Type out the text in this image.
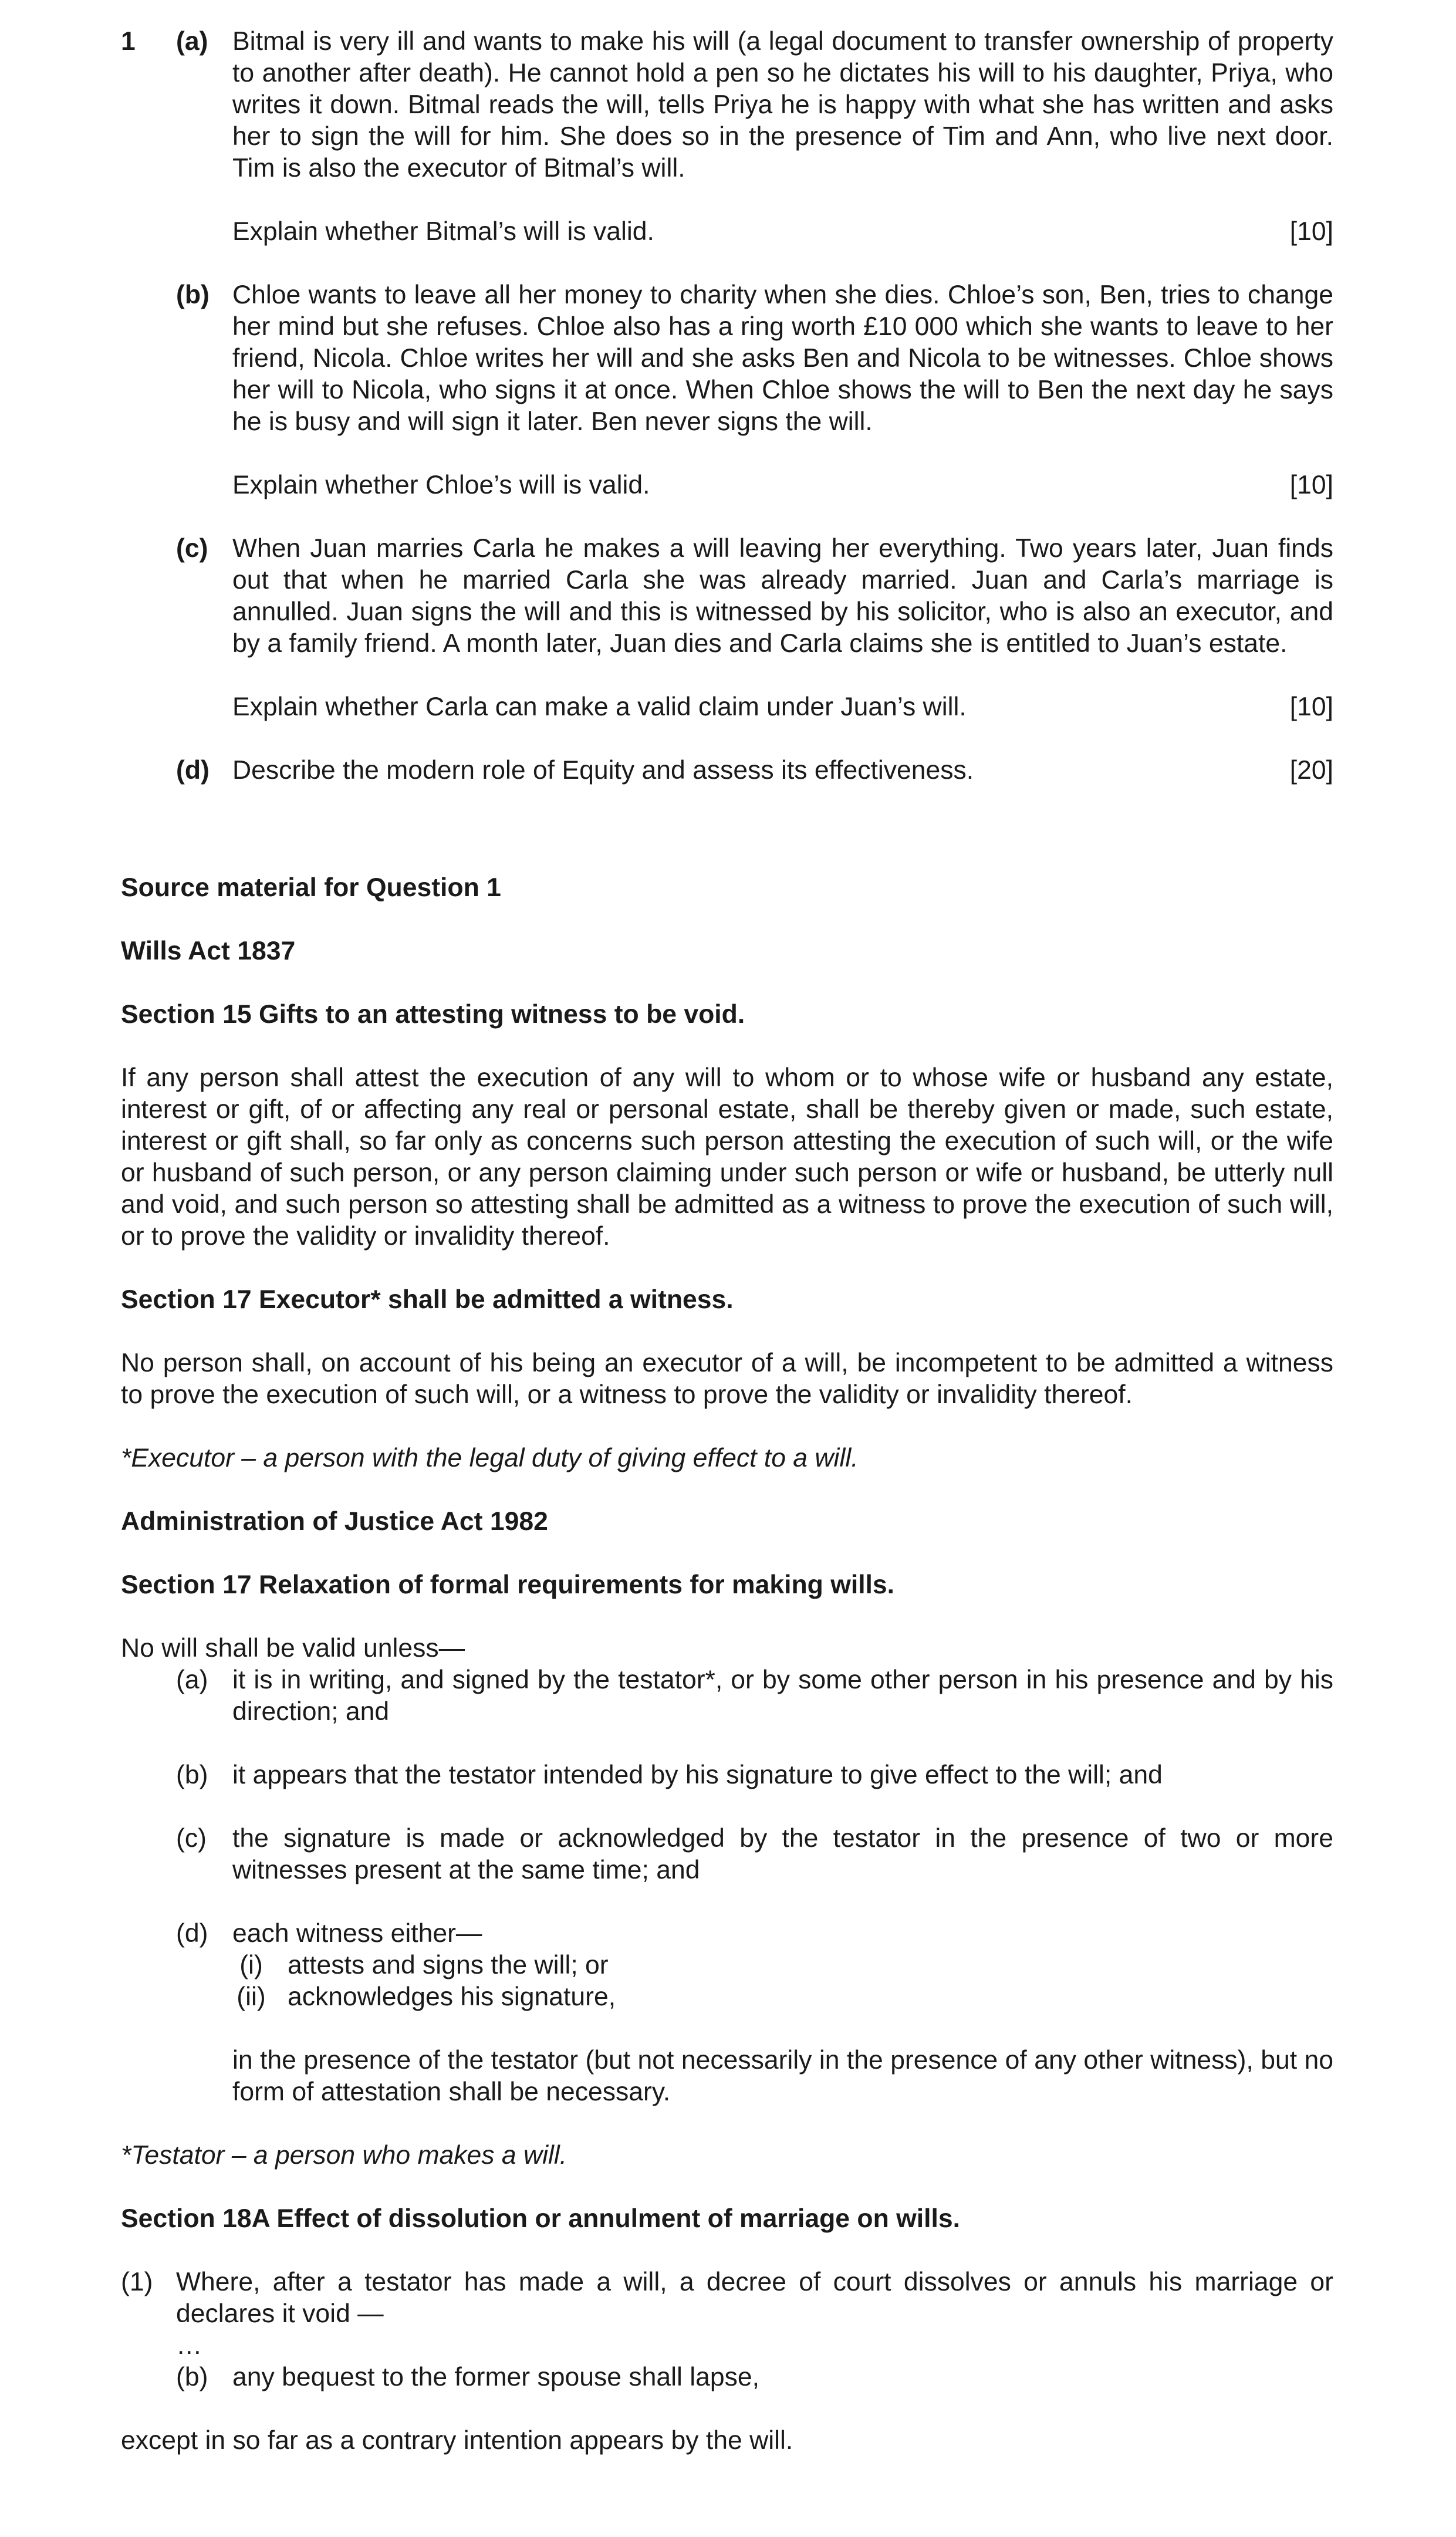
1 (a) Bitmal is very ill and wants to make his will (a legal document to transfer ownership of property to another after death). He cannot hold a pen so he dictates his will to his daughter, Priya, who writes it down. Bitmal reads the will, tells Priya he is happy with what she has written and asks her to sign the will for him. She does so in the presence of Tim and Ann, who live next door. Tim is also the executor of Bitmal’s will.
Explain whether Bitmal’s will is valid.	[10]
(b) Chloe wants to leave all her money to charity when she dies. Chloe’s son, Ben, tries to change her mind but she refuses. Chloe also has a ring worth £10 000 which she wants to leave to her friend, Nicola. Chloe writes her will and she asks Ben and Nicola to be witnesses. Chloe shows her will to Nicola, who signs it at once. When Chloe shows the will to Ben the next day he says he is busy and will sign it later. Ben never signs the will.
Explain whether Chloe’s will is valid.	[10]
(c) When Juan marries Carla he makes a will leaving her everything. Two years later, Juan finds out that when he married Carla she was already married. Juan and Carla’s marriage is annulled. Juan signs the will and this is witnessed by his solicitor, who is also an executor, and by a family friend. A month later, Juan dies and Carla claims she is entitled to Juan’s estate.
Explain whether Carla can make a valid claim under Juan’s will.	[10]
(d) Describe the modern role of Equity and assess its effectiveness.	[20]
Source material for Question 1
Wills Act 1837
Section 15 Gifts to an attesting witness to be void.
If any person shall attest the execution of any will to whom or to whose wife or husband any estate, interest or gift, of or affecting any real or personal estate, shall be thereby given or made, such estate, interest or gift shall, so far only as concerns such person attesting the execution of such will, or the wife or husband of such person, or any person claiming under such person or wife or husband, be utterly null and void, and such person so attesting shall be admitted as a witness to prove the execution of such will, or to prove the validity or invalidity thereof.
Section 17 Executor* shall be admitted a witness.
No person shall, on account of his being an executor of a will, be incompetent to be admitted a witness to prove the execution of such will, or a witness to prove the validity or invalidity thereof.
*Executor – a person with the legal duty of giving effect to a will.
Administration of Justice Act 1982
Section 17 Relaxation of formal requirements for making wills.
No will shall be valid unless—
(a) it is in writing, and signed by the testator*, or by some other person in his presence and by his direction; and
(b) it appears that the testator intended by his signature to give effect to the will; and
(c) the signature is made or acknowledged by the testator in the presence of two or more witnesses present at the same time; and
(d) each witness either—
(i) attests and signs the will; or
(ii) acknowledges his signature,
in the presence of the testator (but not necessarily in the presence of any other witness), but no form of attestation shall be necessary.
*Testator – a person who makes a will.
Section 18A Effect of dissolution or annulment of marriage on wills.
(1) Where, after a testator has made a will, a decree of court dissolves or annuls his marriage or declares it void —
…
(b) any bequest to the former spouse shall lapse,
except in so far as a contrary intention appears by the will.
